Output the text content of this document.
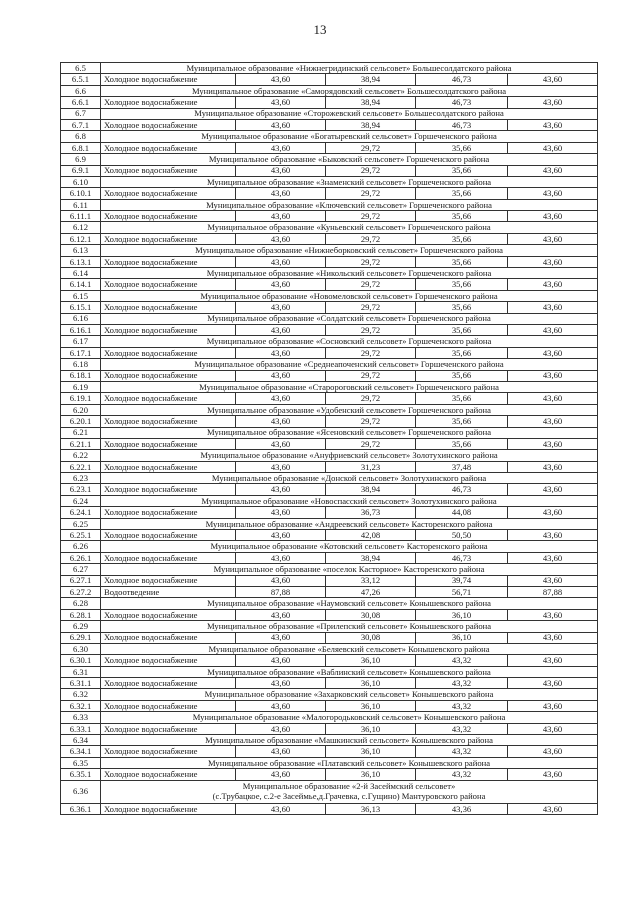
13
6.5	Муниципальное образование «Нижнегридинский сельсовет» Большесолдатского района				
6.5.1	Холодное водоснабжение	43,60	38,94	46,73	43,60
6.6	Муниципальное образование «Саморядовский сельсовет» Большесолдатского района				
6.6.1	Холодное водоснабжение	43,60	38,94	46,73	43,60
6.7	Муниципальное образование «Сторожевский сельсовет» Большесолдатского района				
6.7.1	Холодное водоснабжение	43,60	38,94	46,73	43,60
6.8	Муниципальное образование «Богатыревский сельсовет» Горшеченского района				
6.8.1	Холодное водоснабжение	43,60	29,72	35,66	43,60
6.9	Муниципальное образование «Быковский сельсовет» Горшеченского района				
6.9.1	Холодное водоснабжение	43,60	29,72	35,66	43,60
6.10	Муниципальное образование «Знаменский сельсовет» Горшеченского района				
6.10.1	Холодное водоснабжение	43,60	29,72	35,66	43,60
6.11	Муниципальное образование «Ключевский сельсовет» Горшеченского района				
6.11.1	Холодное водоснабжение	43,60	29,72	35,66	43,60
6.12	Муниципальное образование «Куньевский сельсовет» Горшеченского района				
6.12.1	Холодное водоснабжение	43,60	29,72	35,66	43,60
6.13	Муниципальное образование «Нижнеборковский сельсовет» Горшеченского района				
6.13.1	Холодное водоснабжение	43,60	29,72	35,66	43,60
6.14	Муниципальное образование «Никольский сельсовет» Горшеченского района				
6.14.1	Холодное водоснабжение	43,60	29,72	35,66	43,60
6.15	Муниципальное образование «Новомеловской сельсовет» Горшеченского района				
6.15.1	Холодное водоснабжение	43,60	29,72	35,66	43,60
6.16	Муниципальное образование «Солдатский сельсовет» Горшеченского района				
6.16.1	Холодное водоснабжение	43,60	29,72	35,66	43,60
6.17	Муниципальное образование «Сосновский сельсовет» Горшеченского района				
6.17.1	Холодное водоснабжение	43,60	29,72	35,66	43,60
6.18	Муниципальное образование «Среднеапоченский сельсовет» Горшеченского района				
6.18.1	Холодное водоснабжение	43,60	29,72	35,66	43,60
6.19	Муниципальное образование «Старороговский сельсовет» Горшеченского района				
6.19.1	Холодное водоснабжение	43,60	29,72	35,66	43,60
6.20	Муниципальное образование «Удобенский сельсовет» Горшеченского района				
6.20.1	Холодное водоснабжение	43,60	29,72	35,66	43,60
6.21	Муниципальное образование «Ясеновский сельсовет» Горшеченского района				
6.21.1	Холодное водоснабжение	43,60	29,72	35,66	43,60
6.22	Муниципальное образование «Ануфриевский сельсовет» Золотухинского района				
6.22.1	Холодное водоснабжение	43,60	31,23	37,48	43,60
6.23	Муниципальное образование «Донской сельсовет» Золотухинского района				
6.23.1	Холодное водоснабжение	43,60	38,94	46,73	43,60
6.24	Муниципальное образование «Новоспасский сельсовет» Золотухинского района				
6.24.1	Холодное водоснабжение	43,60	36,73	44,08	43,60
6.25	Муниципальное образование «Андреевский сельсовет» Касторенского района				
6.25.1	Холодное водоснабжение	43,60	42,08	50,50	43,60
6.26	Муниципальное образование «Котовский сельсовет» Касторенского района				
6.26.1	Холодное водоснабжение	43,60	38,94	46,73	43,60
6.27	Муниципальное образование «поселок Касторное» Касторенского района				
6.27.1	Холодное водоснабжение	43,60	33,12	39,74	43,60
6.27.2	Водоотведение	87,88	47,26	56,71	87,88
6.28	Муниципальное образование «Наумовский сельсовет» Конышевского района				
6.28.1	Холодное водоснабжение	43,60	30,08	36,10	43,60
6.29	Муниципальное образование «Прилепский сельсовет» Конышевского района				
6.29.1	Холодное водоснабжение	43,60	30,08	36,10	43,60
6.30	Муниципальное образование «Беляевский сельсовет» Конышевского района				
6.30.1	Холодное водоснабжение	43,60	36,10	43,32	43,60
6.31	Муниципальное образование «Ваблинский сельсовет» Конышевского района				
6.31.1	Холодное водоснабжение	43,60	36,10	43,32	43,60
6.32	Муниципальное образование «Захарковский сельсовет» Конышевского района				
6.32.1	Холодное водоснабжение	43,60	36,10	43,32	43,60
6.33	Муниципальное образование «Малогородьковский сельсовет» Конышевского района				
6.33.1	Холодное водоснабжение	43,60	36,10	43,32	43,60
6.34	Муниципальное образование «Машкинский сельсовет» Конышевского района				
6.34.1	Холодное водоснабжение	43,60	36,10	43,32	43,60
6.35	Муниципальное образование «Платавский сельсовет» Конышевского района				
6.35.1	Холодное водоснабжение	43,60	36,10	43,32	43,60
6.36	Муниципальное образование «2-й Засеймский сельсовет»
(с.Трубацкое, с.2-е Засеймье,д.Грачевка, с.Гущино) Мантуровского района				

6.36.1	Холодное водоснабжение	43,60	36,13	43,36	43,60
